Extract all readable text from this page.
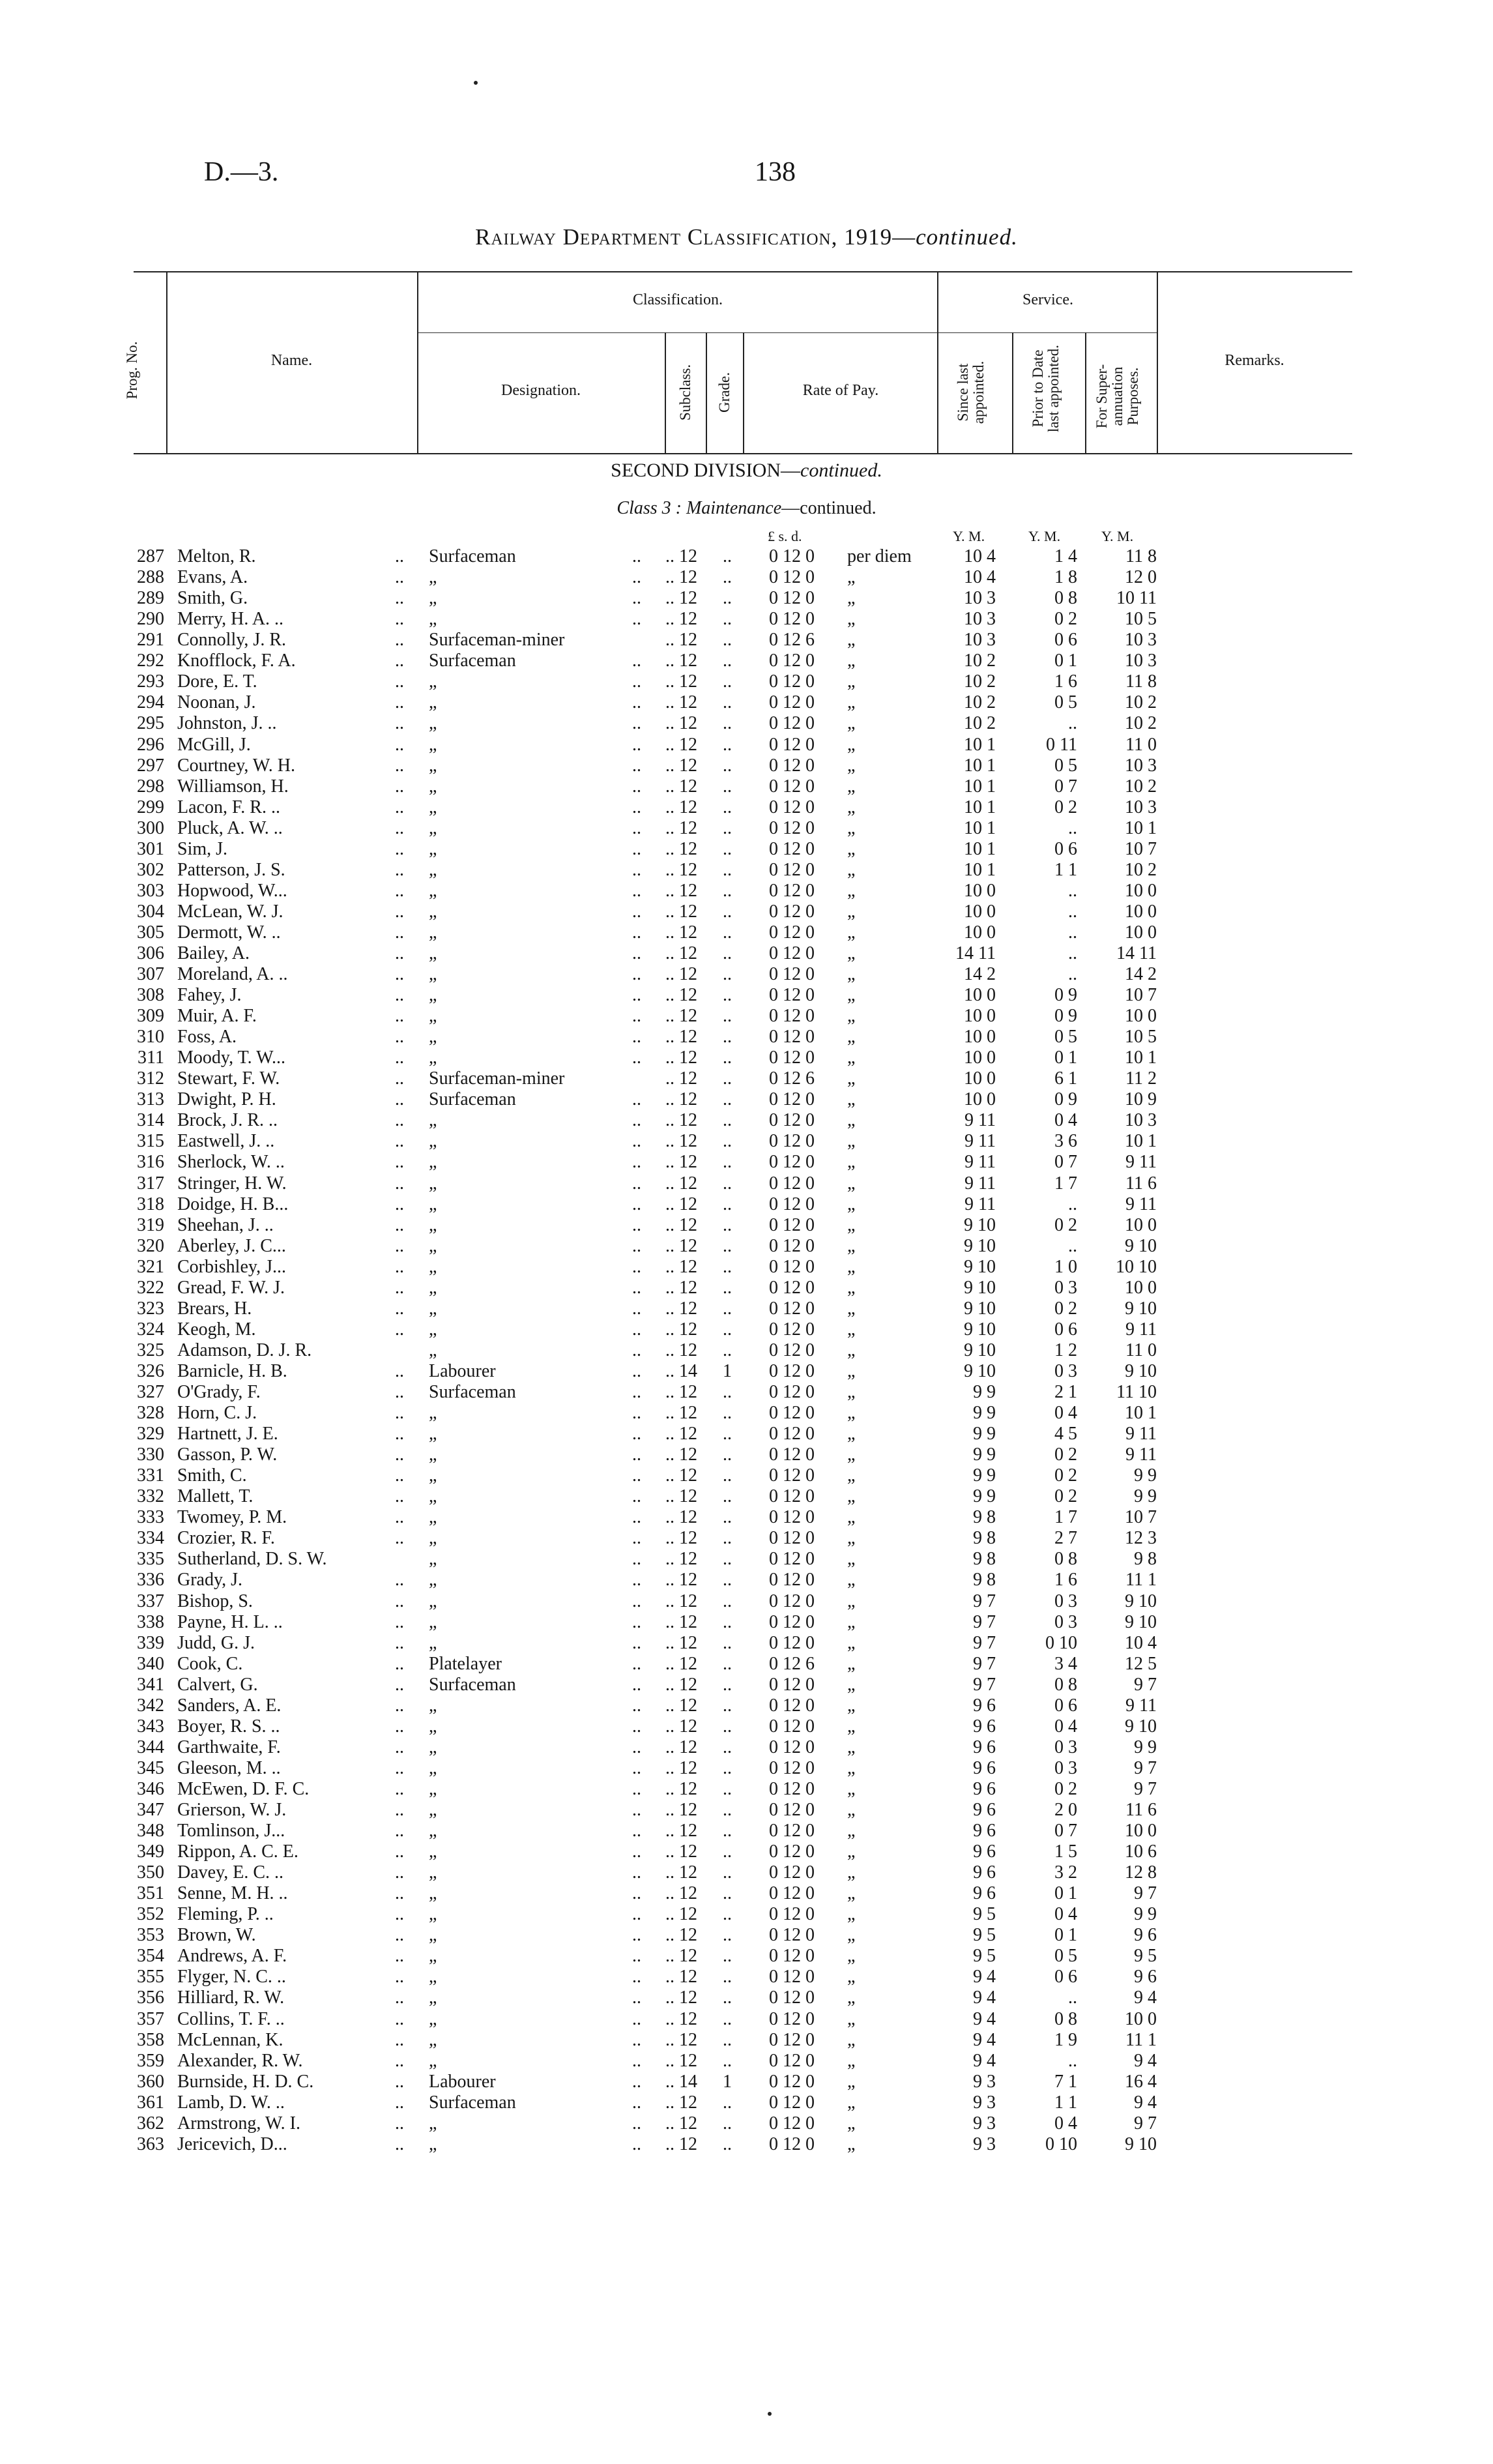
D.—3.	138
Railway Department Classification, 1919—continued.
Prog. No.	Name.
Classification.
Designation.	Subclass. Grade.	Rate of Pay.
Service.
Since last appointed.	Prior to Date last appointed. For Super-annuation Purposes.
Remarks.
SECOND DIVISION—continued.
Class 3 : Maintenance—continued.
£ s. d.	Y. M.	Y. M.	Y. M.
287 Melton, R.	.. Surfaceman	.. .. 12 .. 0 12 0 per diem	10 4	1 4	11 8
288 Evans, A.	.. „	.. .. 12 .. 0 12 0 „	10 4	1 8	12 0
289 Smith, G.	.. „	.. .. 12 .. 0 12 0 „	10 3	0 8	10 11
290 Merry, H. A. ..	.. „	.. .. 12 .. 0 12 0 „	10 3	0 2	10 5
291 Connolly, J. R.	.. Surfaceman-miner	.. 12 .. 0 12 6 „	10 3	0 6	10 3
292 Knofflock, F. A.	.. Surfaceman	.. .. 12 .. 0 12 0 „	10 2	0 1	10 3
293 Dore, E. T.	.. „	.. .. 12 .. 0 12 0 „	10 2	1 6	11 8
294 Noonan, J.	.. „	.. .. 12 .. 0 12 0 „	10 2	0 5	10 2
295 Johnston, J. ..	.. „	.. .. 12 .. 0 12 0 „	10 2	..	10 2
296 McGill, J.	.. „	.. .. 12 .. 0 12 0 „	10 1	0 11	11 0
297 Courtney, W. H.	.. „	.. .. 12 .. 0 12 0 „	10 1	0 5	10 3
298 Williamson, H.	.. „	.. .. 12 .. 0 12 0 „	10 1	0 7	10 2
299 Lacon, F. R. ..	.. „	.. .. 12 .. 0 12 0 „	10 1	0 2	10 3
300 Pluck, A. W. ..	.. „	.. .. 12 .. 0 12 0 „	10 1	..	10 1
301 Sim, J.	.. „	.. .. 12 .. 0 12 0 „	10 1	0 6	10 7
302 Patterson, J. S.	.. „	.. .. 12 .. 0 12 0 „	10 1	1 1	10 2
303 Hopwood, W...	.. „	.. .. 12 .. 0 12 0 „	10 0	..	10 0
304 McLean, W. J.	.. „	.. .. 12 .. 0 12 0 „	10 0	..	10 0
305 Dermott, W. ..	.. „	.. .. 12 .. 0 12 0 „	10 0	..	10 0
306 Bailey, A.	.. „	.. .. 12 .. 0 12 0 „	14 11	..	14 11
307 Moreland, A. ..	.. „	.. .. 12 .. 0 12 0 „	14 2	..	14 2
308 Fahey, J.	.. „	.. .. 12 .. 0 12 0 „	10 0	0 9	10 7
309 Muir, A. F.	.. „	.. .. 12 .. 0 12 0 „	10 0	0 9	10 0
310 Foss, A.	.. „	.. .. 12 .. 0 12 0 „	10 0	0 5	10 5
311 Moody, T. W...	.. „	.. .. 12 .. 0 12 0 „	10 0	0 1	10 1
312 Stewart, F. W.	.. Surfaceman-miner	.. 12 .. 0 12 6 „	10 0	6 1	11 2
313 Dwight, P. H.	.. Surfaceman	.. .. 12 .. 0 12 0 „	10 0	0 9	10 9
314 Brock, J. R. ..	.. „	.. .. 12 .. 0 12 0 „	9 11	0 4	10 3
315 Eastwell, J. ..	.. „	.. .. 12 .. 0 12 0 „	9 11	3 6	10 1
316 Sherlock, W. ..	.. „	.. .. 12 .. 0 12 0 „	9 11	0 7	9 11
317 Stringer, H. W.	.. „	.. .. 12 .. 0 12 0 „	9 11	1 7	11 6
318 Doidge, H. B...	.. „	.. .. 12 .. 0 12 0 „	9 11	..	9 11
319 Sheehan, J. ..	.. „	.. .. 12 .. 0 12 0 „	9 10	0 2	10 0
320 Aberley, J. C...	.. „	.. .. 12 .. 0 12 0 „	9 10	..	9 10
321 Corbishley, J...	.. „	.. .. 12 .. 0 12 0 „	9 10	1 0	10 10
322 Gread, F. W. J.	.. „	.. .. 12 .. 0 12 0 „	9 10	0 3	10 0
323 Brears, H.	.. „	.. .. 12 .. 0 12 0 „	9 10	0 2	9 10
324 Keogh, M.	.. „	.. .. 12 .. 0 12 0 „	9 10	0 6	9 11
325 Adamson, D. J. R.	„	.. .. 12 .. 0 12 0 „	9 10	1 2	11 0
326 Barnicle, H. B.	.. Labourer	.. .. 14 1 0 12 0 „	9 10	0 3	9 10
327 O'Grady, F.	.. Surfaceman	.. .. 12 .. 0 12 0 „	9 9	2 1	11 10
328 Horn, C. J.	.. „	.. .. 12 .. 0 12 0 „	9 9	0 4	10 1
329 Hartnett, J. E.	.. „	.. .. 12 .. 0 12 0 „	9 9	4 5	9 11
330 Gasson, P. W.	.. „	.. .. 12 .. 0 12 0 „	9 9	0 2	9 11
331 Smith, C.	.. „	.. .. 12 .. 0 12 0 „	9 9	0 2	9 9
332 Mallett, T.	.. „	.. .. 12 .. 0 12 0 „	9 9	0 2	9 9
333 Twomey, P. M.	.. „	.. .. 12 .. 0 12 0 „	9 8	1 7	10 7
334 Crozier, R. F.	.. „	.. .. 12 .. 0 12 0 „	9 8	2 7	12 3
335 Sutherland, D. S. W.	„	.. .. 12 .. 0 12 0 „	9 8	0 8	9 8
336 Grady, J.	.. „	.. .. 12 .. 0 12 0 „	9 8	1 6	11 1
337 Bishop, S.	.. „	.. .. 12 .. 0 12 0 „	9 7	0 3	9 10
338 Payne, H. L. ..	.. „	.. .. 12 .. 0 12 0 „	9 7	0 3	9 10
339 Judd, G. J.	.. „	.. .. 12 .. 0 12 0 „	9 7	0 10	10 4
340 Cook, C.	.. Platelayer	.. .. 12 .. 0 12 6 „	9 7	3 4	12 5
341 Calvert, G.	.. Surfaceman	.. .. 12 .. 0 12 0 „	9 7	0 8	9 7
342 Sanders, A. E.	.. „	.. .. 12 .. 0 12 0 „	9 6	0 6	9 11
343 Boyer, R. S. ..	.. „	.. .. 12 .. 0 12 0 „	9 6	0 4	9 10
344 Garthwaite, F.	.. „	.. .. 12 .. 0 12 0 „	9 6	0 3	9 9
345 Gleeson, M. ..	.. „	.. .. 12 .. 0 12 0 „	9 6	0 3	9 7
346 McEwen, D. F. C.	.. „	.. .. 12 .. 0 12 0 „	9 6	0 2	9 7
347 Grierson, W. J.	.. „	.. .. 12 .. 0 12 0 „	9 6	2 0	11 6
348 Tomlinson, J...	.. „	.. .. 12 .. 0 12 0 „	9 6	0 7	10 0
349 Rippon, A. C. E.	.. „	.. .. 12 .. 0 12 0 „	9 6	1 5	10 6
350 Davey, E. C. ..	.. „	.. .. 12 .. 0 12 0 „	9 6	3 2	12 8
351 Senne, M. H. ..	.. „	.. .. 12 .. 0 12 0 „	9 6	0 1	9 7
352 Fleming, P. ..	.. „	.. .. 12 .. 0 12 0 „	9 5	0 4	9 9
353 Brown, W.	.. „	.. .. 12 .. 0 12 0 „	9 5	0 1	9 6
354 Andrews, A. F.	.. „	.. .. 12 .. 0 12 0 „	9 5	0 5	9 5
355 Flyger, N. C. ..	.. „	.. .. 12 .. 0 12 0 „	9 4	0 6	9 6
356 Hilliard, R. W.	.. „	.. .. 12 .. 0 12 0 „	9 4	..	9 4
357 Collins, T. F. ..	.. „	.. .. 12 .. 0 12 0 „	9 4	0 8	10 0
358 McLennan, K.	.. „	.. .. 12 .. 0 12 0 „	9 4	1 9	11 1
359 Alexander, R. W.	.. „	.. .. 12 .. 0 12 0 „	9 4	..	9 4
360 Burnside, H. D. C.	.. Labourer	.. .. 14 1 0 12 0 „	9 3	7 1	16 4
361 Lamb, D. W. ..	.. Surfaceman	.. .. 12 .. 0 12 0 „	9 3	1 1	9 4
362 Armstrong, W. I.	.. „	.. .. 12 .. 0 12 0 „	9 3	0 4	9 7
363 Jericevich, D...	.. „	.. .. 12 .. 0 12 0 „	9 3	0 10	9 10
